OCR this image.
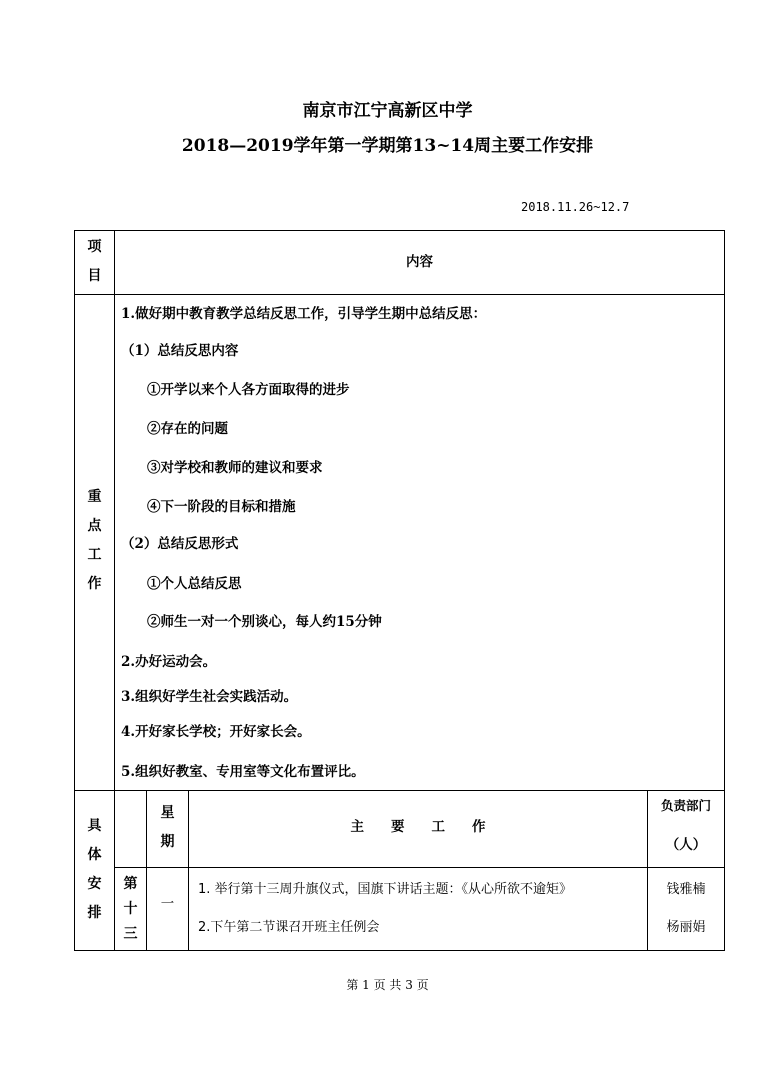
南京市江宁高新区中学
2018—2019学年第一学期第13~14周主要工作安排
2018.11.26~12.7
项目
内容
重点工作
1.做好期中教育教学总结反思工作，引导学生期中总结反思：
（1）总结反思内容
①开学以来个人各方面取得的进步
②存在的问题
③对学校和教师的建议和要求
④下一阶段的目标和措施
（2）总结反思形式
①个人总结反思
②师生一对一个别谈心，每人约15分钟
2.办好运动会。
3.组织好学生社会实践活动。
4.开好家长学校；开好家长会。
5.组织好教室、专用室等文化布置评比。
具体安排
星期
主　　要　　工　　作
负责部门
（人）
第十三
一
1. 举行第十三周升旗仪式，国旗下讲话主题：《从心所欲不逾矩》
2.下午第二节课召开班主任例会
钱雅楠
杨丽娟
第 1 页 共 3 页
